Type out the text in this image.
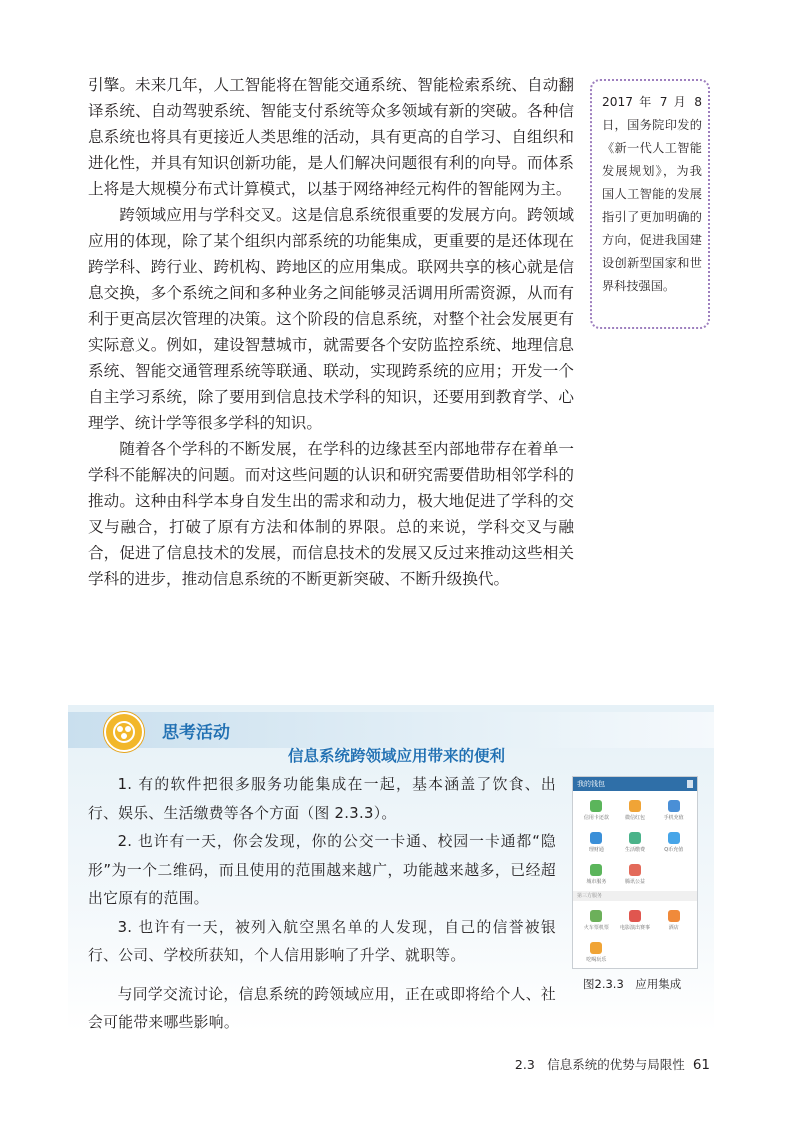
引擎。未来几年，人工智能将在智能交通系统、智能检索系统、自动翻译系统、自动驾驶系统、智能支付系统等众多领域有新的突破。各种信息系统也将具有更接近人类思维的活动，具有更高的自学习、自组织和进化性，并具有知识创新功能，是人们解决问题很有利的向导。而体系上将是大规模分布式计算模式，以基于网络神经元构件的智能网为主。

跨领域应用与学科交叉。这是信息系统很重要的发展方向。跨领域应用的体现，除了某个组织内部系统的功能集成，更重要的是还体现在跨学科、跨行业、跨机构、跨地区的应用集成。联网共享的核心就是信息交换，多个系统之间和多种业务之间能够灵活调用所需资源，从而有利于更高层次管理的决策。这个阶段的信息系统，对整个社会发展更有实际意义。例如，建设智慧城市，就需要各个安防监控系统、地理信息系统、智能交通管理系统等联通、联动，实现跨系统的应用；开发一个自主学习系统，除了要用到信息技术学科的知识，还要用到教育学、心理学、统计学等很多学科的知识。

随着各个学科的不断发展，在学科的边缘甚至内部地带存在着单一学科不能解决的问题。而对这些问题的认识和研究需要借助相邻学科的推动。这种由科学本身自发生出的需求和动力，极大地促进了学科的交叉与融合，打破了原有方法和体制的界限。总的来说，学科交叉与融合，促进了信息技术的发展，而信息技术的发展又反过来推动这些相关学科的进步，推动信息系统的不断更新突破、不断升级换代。

2017 年 7 月 8 日，国务院印发的《新一代人工智能发展规划》，为我国人工智能的发展指引了更加明确的方向，促进我国建设创新型国家和世界科技强国。
思考活动
信息系统跨领域应用带来的便利

1. 有的软件把很多服务功能集成在一起，基本涵盖了饮食、出行、娱乐、生活缴费等各个方面（图 2.3.3）。

2. 也许有一天，你会发现，你的公交一卡通、校园一卡通都“隐形”为一个二维码，而且使用的范围越来越广，功能越来越多，已经超出它原有的范围。

3. 也许有一天，被列入航空黑名单的人发现，自己的信誉被银行、公司、学校所获知，个人信用影响了升学、就职等。

与同学交流讨论，信息系统的跨领域应用，正在或即将给个人、社会可能带来哪些影响。

我的钱包
信用卡还款	微信红包	手机充值
理财通	生活缴费	Q币充值
城市服务	腾讯公益
第三方服务
火车票机票 电影演出赛事	酒店
吃喝玩乐
图2.3.3　应用集成
2.3　信息系统的优势与局限性 61
